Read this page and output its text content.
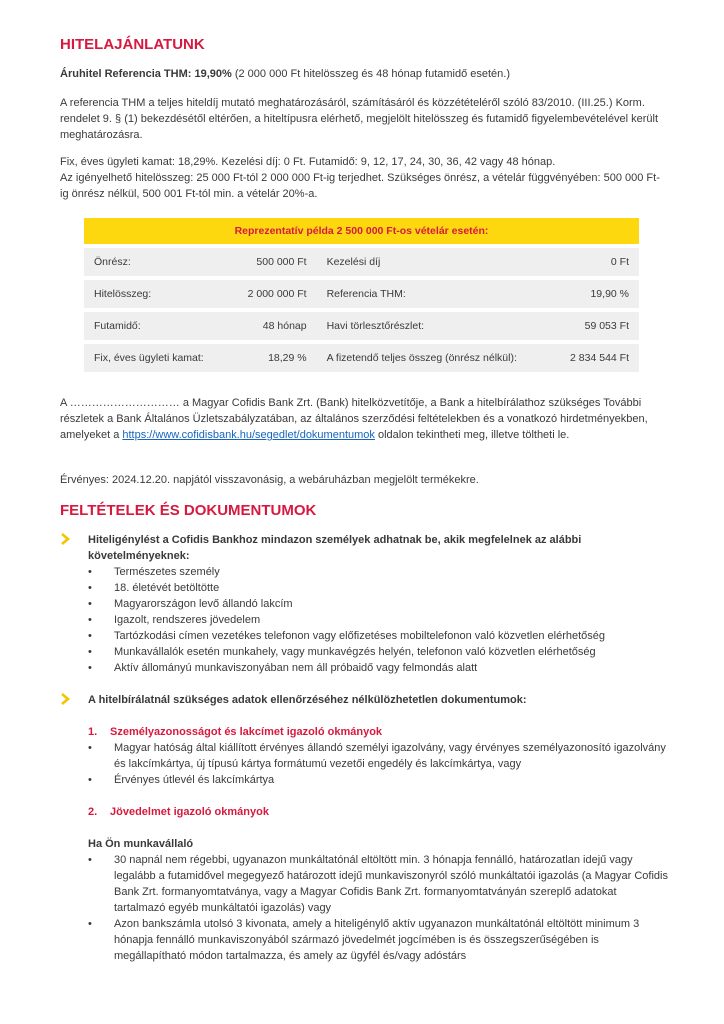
HITELAJÁNLATUNK

Áruhitel Referencia THM: 19,90% (2 000 000 Ft hitelösszeg és 48 hónap futamidő esetén.)

A referencia THM a teljes hiteldíj mutató meghatározásáról, számításáról és közzétételéről szóló 83/2010. (III.25.) Korm. rendelet 9. § (1) bekezdésétől eltérően, a hiteltípusra elérhető, megjelölt hitelösszeg és futamidő figyelembevételével került meghatározásra.

Fix, éves ügyleti kamat: 18,29%. Kezelési díj: 0 Ft. Futamidő: 9, 12, 17, 24, 30, 36, 42 vagy 48 hónap.

Az igényelhető hitelösszeg: 25 000 Ft-tól 2 000 000 Ft-ig terjedhet. Szükséges önrész, a vételár függvényében: 500 000 Ft-ig önrész nélkül, 500 001 Ft-tól min. a vételár 20%-a.

Reprezentatív példa 2 500 000 Ft-os vételár esetén:			
Önrész:	500 000 Ft	Kezelési díj	0 Ft
Hitelösszeg:	2 000 000 Ft	Referencia THM:	19,90 %
Futamidő:	48 hónap	Havi törlesztőrészlet:	59 053 Ft
Fix, éves ügyleti kamat:	18,29 %	A fizetendő teljes összeg (önrész nélkül):	2 834 544 Ft

A ………………………… a Magyar Cofidis Bank Zrt. (Bank) hitelközvetítője, a Bank a hitelbírálathoz szükséges További részletek a Bank Általános Üzletszabályzatában, az általános szerződési feltételekben és a vonatkozó hirdetményekben, amelyeket a https://www.cofidisbank.hu/segedlet/dokumentumok oldalon tekintheti meg, illetve töltheti le.

Érvényes: 2024.12.20. napjától visszavonásig, a webáruházban megjelölt termékekre.

FELTÉTELEK ÉS DOKUMENTUMOK
Hiteligénylést a Cofidis Bankhoz mindazon személyek adhatnak be, akik megfelelnek az alábbi követelményeknek:
• Természetes személy
• 18. életévét betöltötte
• Magyarországon levő állandó lakcím
• Igazolt, rendszeres jövedelem
• Tartózkodási címen vezetékes telefonon vagy előfizetéses mobiltelefonon való közvetlen elérhetőség
• Munkavállalók esetén munkahely, vagy munkavégzés helyén, telefonon való közvetlen elérhetőség
• Aktív állományú munkaviszonyában nem áll próbaidő vagy felmondás alatt
A hitelbírálatnál szükséges adatok ellenőrzéséhez nélkülözhetetlen dokumentumok:
1. Személyazonosságot és lakcímet igazoló okmányok
• Magyar hatóság által kiállított érvényes állandó személyi igazolvány, vagy érvényes személyazonosító igazolvány és lakcímkártya, új típusú kártya formátumú vezetői engedély és lakcímkártya, vagy
• Érvényes útlevél és lakcímkártya
2. Jövedelmet igazoló okmányok
Ha Ön munkavállaló
• 30 napnál nem régebbi, ugyanazon munkáltatónál eltöltött min. 3 hónapja fennálló, határozatlan idejű vagy legalább a futamidővel megegyező határozott idejű munkaviszonyról szóló munkáltatói igazolás (a Magyar Cofidis Bank Zrt. formanyomtatványa, vagy a Magyar Cofidis Bank Zrt. formanyomtatványán szereplő adatokat tartalmazó egyéb munkáltatói igazolás) vagy
• Azon bankszámla utolsó 3 kivonata, amely a hiteligénylő aktív ugyanazon munkáltatónál eltöltött minimum 3 hónapja fennálló munkaviszonyából származó jövedelmét jogcímében is és összegszerűségében is megállapítható módon tartalmazza, és amely az ügyfél és/vagy adóstárs
